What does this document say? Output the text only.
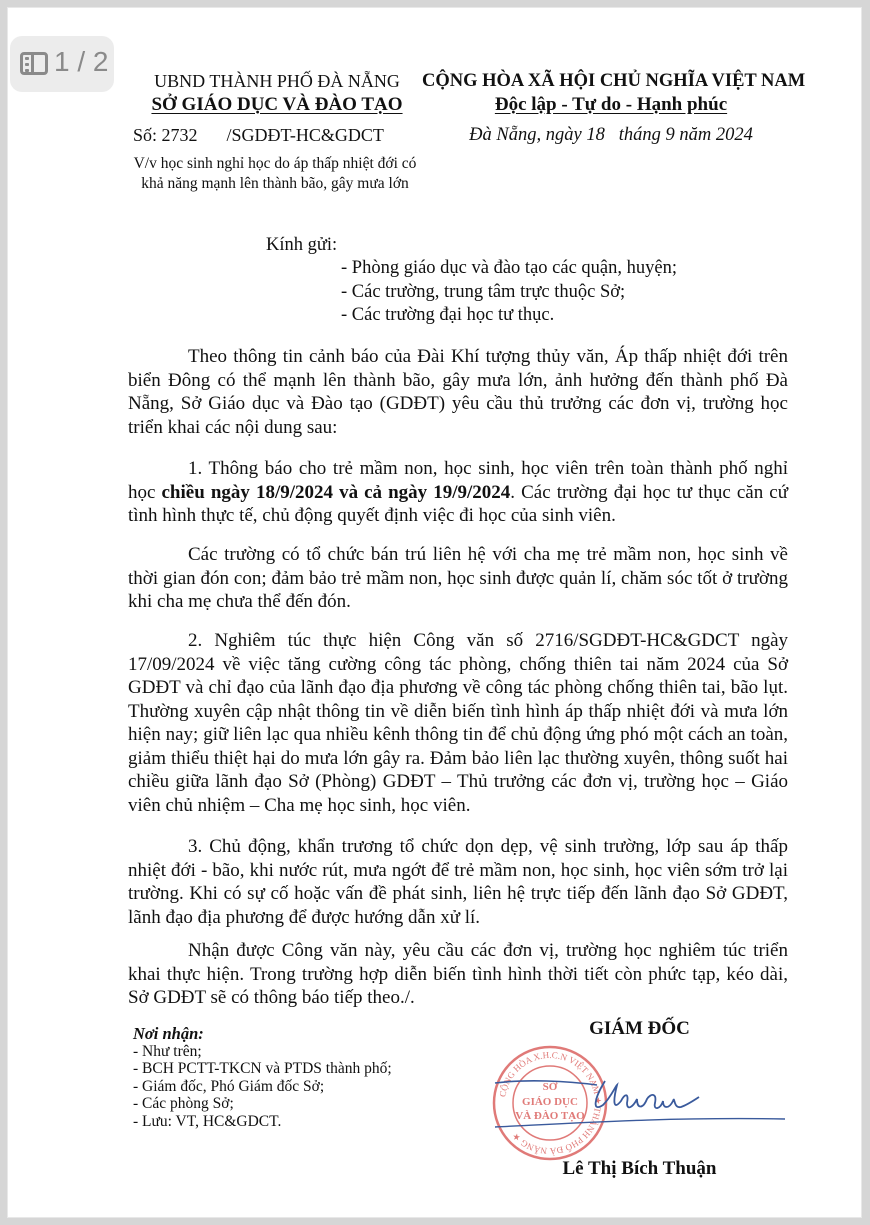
UBND THÀNH PHỐ ĐÀ NẴNG
SỞ GIÁO DỤC VÀ ĐÀO TẠO
Số: 2732 /SGDĐT-HC&GDCT
V/v học sinh nghỉ học do áp thấp nhiệt đới có khả năng mạnh lên thành bão, gây mưa lớn
CỘNG HÒA XÃ HỘI CHỦ NGHĨA VIỆT NAM
Độc lập - Tự do - Hạnh phúc
Đà Nẵng, ngày 18   tháng 9 năm 2024
Kính gửi:
- Phòng giáo dục và đào tạo các quận, huyện;
- Các trường, trung tâm trực thuộc Sở;
- Các trường đại học tư thục.

Theo thông tin cảnh báo của Đài Khí tượng thủy văn, Áp thấp nhiệt đới trên biển Đông có thể mạnh lên thành bão, gây mưa lớn, ảnh hưởng đến thành phố Đà Nẵng, Sở Giáo dục và Đào tạo (GDĐT) yêu cầu thủ trưởng các đơn vị, trường học triển khai các nội dung sau:

1. Thông báo cho trẻ mầm non, học sinh, học viên trên toàn thành phố nghỉ học chiều ngày 18/9/2024 và cả ngày 19/9/2024. Các trường đại học tư thục căn cứ tình hình thực tế, chủ động quyết định việc đi học của sinh viên.

Các trường có tổ chức bán trú liên hệ với cha mẹ trẻ mầm non, học sinh về thời gian đón con; đảm bảo trẻ mầm non, học sinh được quản lí, chăm sóc tốt ở trường khi cha mẹ chưa thể đến đón.

2. Nghiêm túc thực hiện Công văn số 2716/SGDĐT-HC&GDCT ngày 17/09/2024 về việc tăng cường công tác phòng, chống thiên tai năm 2024 của Sở GDĐT và chỉ đạo của lãnh đạo địa phương về công tác phòng chống thiên tai, bão lụt. Thường xuyên cập nhật thông tin về diễn biến tình hình áp thấp nhiệt đới và mưa lớn hiện nay; giữ liên lạc qua nhiều kênh thông tin để chủ động ứng phó một cách an toàn, giảm thiểu thiệt hại do mưa lớn gây ra. Đảm bảo liên lạc thường xuyên, thông suốt hai chiều giữa lãnh đạo Sở (Phòng) GDĐT – Thủ trưởng các đơn vị, trường học – Giáo viên chủ nhiệm – Cha mẹ học sinh, học viên.

3. Chủ động, khẩn trương tổ chức dọn dẹp, vệ sinh trường, lớp sau áp thấp nhiệt đới - bão, khi nước rút, mưa ngớt để trẻ mầm non, học sinh, học viên sớm trở lại trường. Khi có sự cố hoặc vấn đề phát sinh, liên hệ trực tiếp đến lãnh đạo Sở GDĐT, lãnh đạo địa phương để được hướng dẫn xử lí.

Nhận được Công văn này, yêu cầu các đơn vị, trường học nghiêm túc triển khai thực hiện. Trong trường hợp diễn biến tình hình thời tiết còn phức tạp, kéo dài, Sở GDĐT sẽ có thông báo tiếp theo./.

Nơi nhận:
- Như trên;
- BCH PCTT-TKCN và PTDS thành phố;
- Giám đốc, Phó Giám đốc Sở;
- Các phòng Sở;
- Lưu: VT, HC&GDCT.
GIÁM ĐỐC
CỘNG HÒA X.H.C.N VIỆT NAM ★ THÀNH PHỐ ĐÀ NẴNG ★
SỞ
GIÁO DỤC
VÀ ĐÀO TẠO
Lê Thị Bích Thuận
1 / 2
